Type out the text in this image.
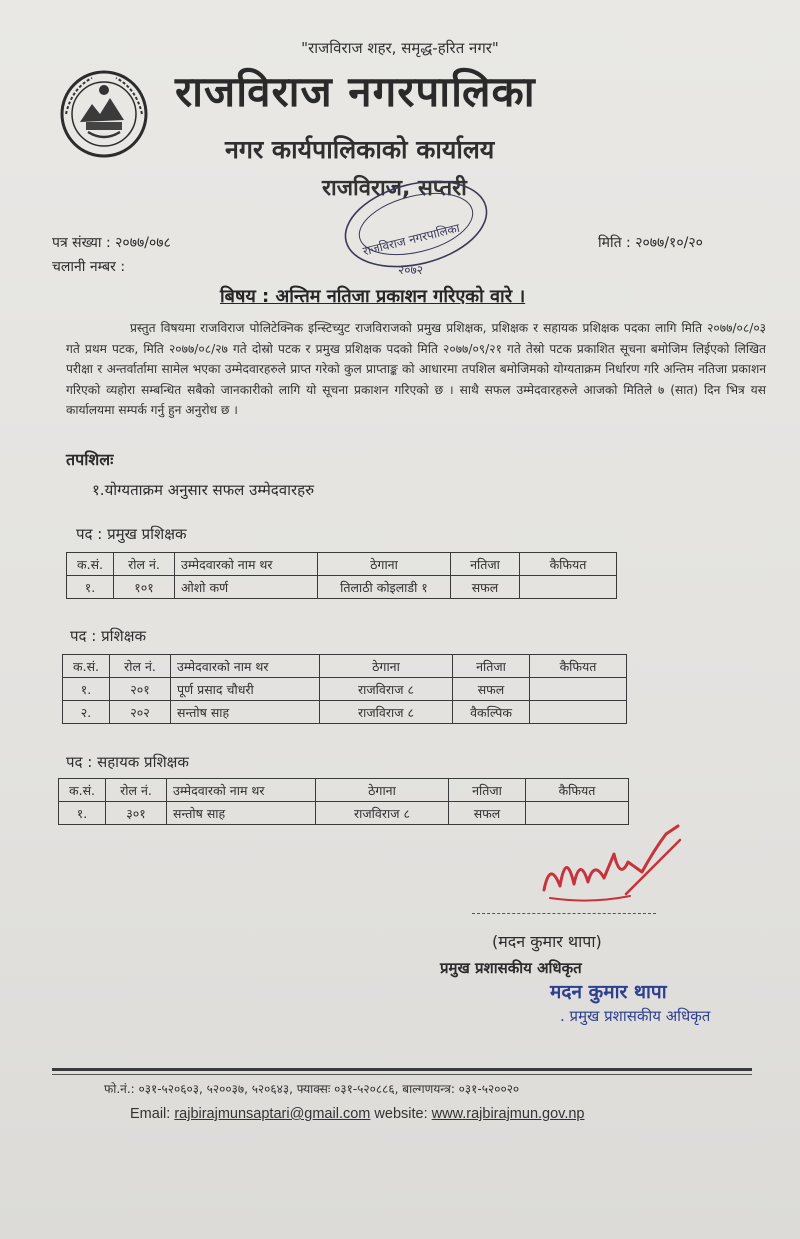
"राजविराज शहर, समृद्ध-हरित नगर"
राजविराज नगरपालिका
नगर कार्यपालिकाको कार्यालय
राजविराज, सप्तरी
राजविराज नगरपालिका
२०७२
पत्र संख्या : २०७७/०७८
चलानी नम्बर :
मिति : २०७७/१०/२०
बिषय : अन्तिम नतिजा प्रकाशन गरिएको वारे ।
प्रस्तुत विषयमा राजविराज पोलिटेक्निक इन्स्टिच्युट राजविराजको प्रमुख प्रशिक्षक, प्रशिक्षक र सहायक प्रशिक्षक पदका लागि मिति २०७७/०८/०३ गते प्रथम पटक, मिति २०७७/०८/२७ गते दोस्रो पटक र प्रमुख प्रशिक्षक पदको मिति २०७७/०९/२१ गते तेस्रो पटक प्रकाशित सूचना बमोजिम लिईएको लिखित परीक्षा र अन्तर्वार्तामा सामेल भएका उम्मेदवारहरुले प्राप्त गरेको कुल प्राप्ताङ्क को आधारमा तपशिल बमोजिमको योग्यताक्रम निर्धारण गरि अन्तिम नतिजा प्रकाशन गरिएको व्यहोरा सम्बन्धित सबैको जानकारीको लागि यो सूचना प्रकाशन गरिएको छ । साथै सफल उम्मेदवारहरुले आजको मितिले ७ (सात) दिन भित्र यस कार्यालयमा सम्पर्क गर्नु हुन अनुरोध छ ।
तपशिलः
१.योग्यताक्रम अनुसार सफल उम्मेदवारहरु
पद : प्रमुख प्रशिक्षक
क.सं.	रोल नं.	उम्मेदवारको नाम थर	ठेगाना	नतिजा	कैफियत
१.	१०१	ओशो कर्ण	तिलाठी कोइलाडी १	सफल	
पद : प्रशिक्षक
क.सं.	रोल नं.	उम्मेदवारको नाम थर	ठेगाना	नतिजा	कैफियत
१.	२०१	पूर्ण प्रसाद चौधरी	राजविराज ८	सफल	
२.	२०२	सन्तोष साह	राजविराज ८	वैकल्पिक	
पद : सहायक प्रशिक्षक
क.सं.	रोल नं.	उम्मेदवारको नाम थर	ठेगाना	नतिजा	कैफियत
१.	३०१	सन्तोष साह	राजविराज ८	सफल	
(मदन कुमार थापा)
प्रमुख प्रशासकीय अधिकृत
मदन कुमार थापा
. प्रमुख प्रशासकीय अधिकृत
फो.नं.: ०३१-५२०६०३, ५२००३७, ५२०६४३, फ्याक्सः ०३१-५२०८८६, बाल्गणयन्त्र: ०३१-५२००२०
Email: rajbirajmunsaptari@gmail.com website: www.rajbirajmun.gov.np
